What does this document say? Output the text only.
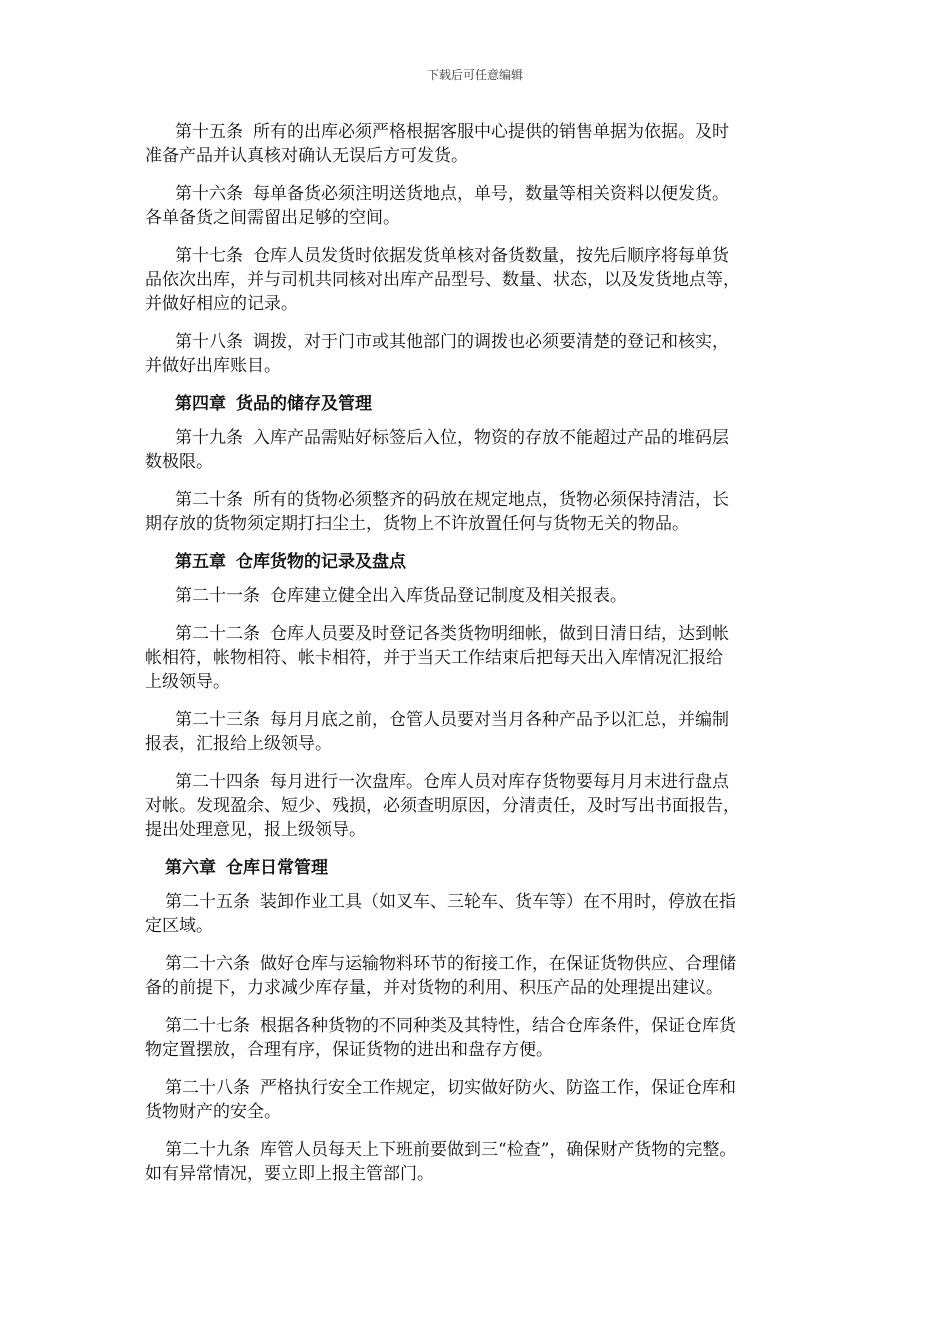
下载后可任意编辑
第十五条 所有的出库必须严格根据客服中心提供的销售单据为依据。及时
准备产品并认真核对确认无误后方可发货。
第十六条 每单备货必须注明送货地点，单号，数量等相关资料以便发货。
各单备货之间需留出足够的空间。
第十七条 仓库人员发货时依据发货单核对备货数量，按先后顺序将每单货
品依次出库，并与司机共同核对出库产品型号、数量、状态，以及发货地点等，
并做好相应的记录。
第十八条 调拨，对于门市或其他部门的调拨也必须要清楚的登记和核实，
并做好出库账目。
第四章 货品的储存及管理
第十九条 入库产品需贴好标签后入位，物资的存放不能超过产品的堆码层
数极限。
第二十条 所有的货物必须整齐的码放在规定地点，货物必须保持清洁，长
期存放的货物须定期打扫尘土，货物上不许放置任何与货物无关的物品。
第五章 仓库货物的记录及盘点
第二十一条 仓库建立健全出入库货品登记制度及相关报表。
第二十二条 仓库人员要及时登记各类货物明细帐，做到日清日结，达到帐
帐相符，帐物相符、帐卡相符，并于当天工作结束后把每天出入库情况汇报给
上级领导。
第二十三条 每月月底之前，仓管人员要对当月各种产品予以汇总，并编制
报表，汇报给上级领导。
第二十四条 每月进行一次盘库。仓库人员对库存货物要每月月末进行盘点
对帐。发现盈余、短少、残损，必须查明原因，分清责任，及时写出书面报告，
提出处理意见，报上级领导。
第六章 仓库日常管理
第二十五条 装卸作业工具（如叉车、三轮车、货车等）在不用时，停放在指
定区域。
第二十六条 做好仓库与运输物料环节的衔接工作，在保证货物供应、合理储
备的前提下，力求减少库存量，并对货物的利用、积压产品的处理提出建议。
第二十七条 根据各种货物的不同种类及其特性，结合仓库条件，保证仓库货
物定置摆放，合理有序，保证货物的进出和盘存方便。
第二十八条 严格执行安全工作规定，切实做好防火、防盗工作，保证仓库和
货物财产的安全。
第二十九条 库管人员每天上下班前要做到三“检查”，确保财产货物的完整。
如有异常情况，要立即上报主管部门。
